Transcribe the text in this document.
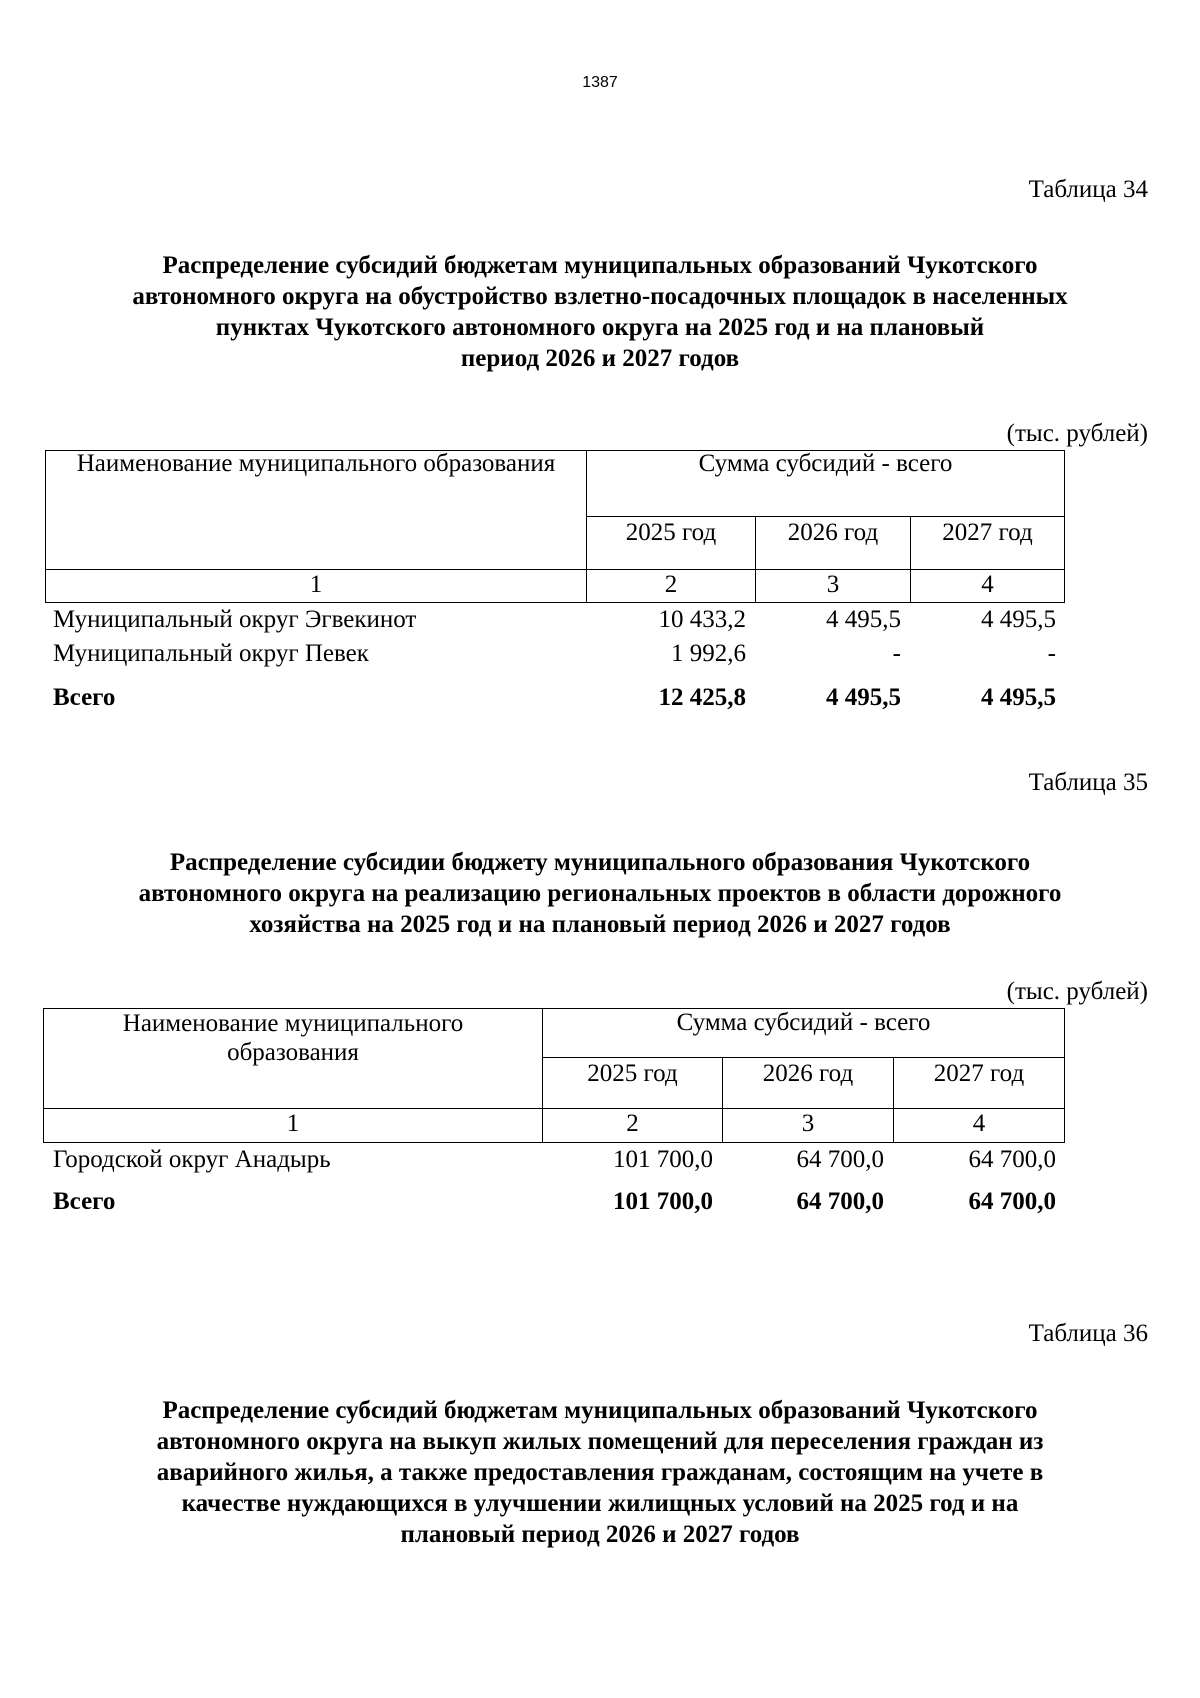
1387
Таблица 34
Распределение субсидий бюджетам муниципальных образований Чукотского
автономного округа на обустройство взлетно-посадочных площадок в населенных
пунктах Чукотского автономного округа на 2025 год и на плановый
период 2026 и 2027 годов
(тыс. рублей)
Наименование муниципального образования	Сумма субсидий - всего
2025 год	2026 год	2027 год
1	2	3	4
Муниципальный округ Эгвекинот	10 433,2	4 495,5	4 495,5
Муниципальный округ Певек	1 992,6	-	-
Всего	12 425,8	4 495,5	4 495,5
Таблица 35
Распределение субсидии бюджету муниципального образования Чукотского
автономного округа на реализацию региональных проектов в области дорожного
хозяйства на 2025 год и на плановый период 2026 и 2027 годов
(тыс. рублей)
Наименование муниципального
образования
Сумма субсидий - всего
2025 год	2026 год	2027 год
1	2	3	4
Городской округ Анадырь	101 700,0	64 700,0	64 700,0
Всего	101 700,0	64 700,0	64 700,0
Таблица 36
Распределение субсидий бюджетам муниципальных образований Чукотского
автономного округа на выкуп жилых помещений для переселения граждан из
аварийного жилья, а также предоставления гражданам, состоящим на учете в
качестве нуждающихся в улучшении жилищных условий на 2025 год и на
плановый период 2026 и 2027 годов
